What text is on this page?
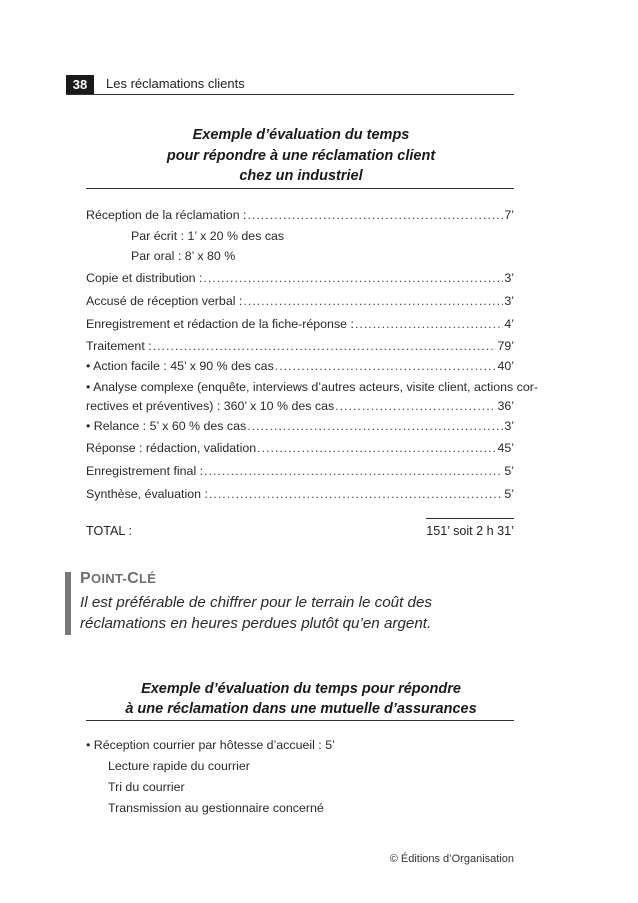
38	Les réclamations clients
Exemple d’évaluation du temps
pour répondre à une réclamation client
chez un industriel
Réception de la réclamation : .....	7’
Par écrit : 1’ x 20 % des cas
Par oral : 8’ x 80 %
Copie et distribution : .....	3’
Accusé de réception verbal : .....	3’
Enregistrement et rédaction de la fiche-réponse : .....	4’
Traitement : .....	79’
• Action facile : 45’ x 90 % des cas .....	40’
• Analyse complexe (enquête, interviews d’autres acteurs, visite client, actions cor-
rectives et préventives) : 360’ x 10 % des cas .....	36’
• Relance : 5’ x 60 % des cas .....	3’
Réponse : rédaction, validation .....	45’
Enregistrement final : .....	5’
Synthèse, évaluation : .....	5’
TOTAL :	151’ soit 2 h 31’
POINT-CLÉ
Il est préférable de chiffrer pour le terrain le coût des réclamations en heures perdues plutôt qu’en argent.
Exemple d’évaluation du temps pour répondre
à une réclamation dans une mutuelle d’assurances
• Réception courrier par hôtesse d’accueil : 5’
Lecture rapide du courrier
Tri du courrier
Transmission au gestionnaire concerné
© Éditions d’Organisation
